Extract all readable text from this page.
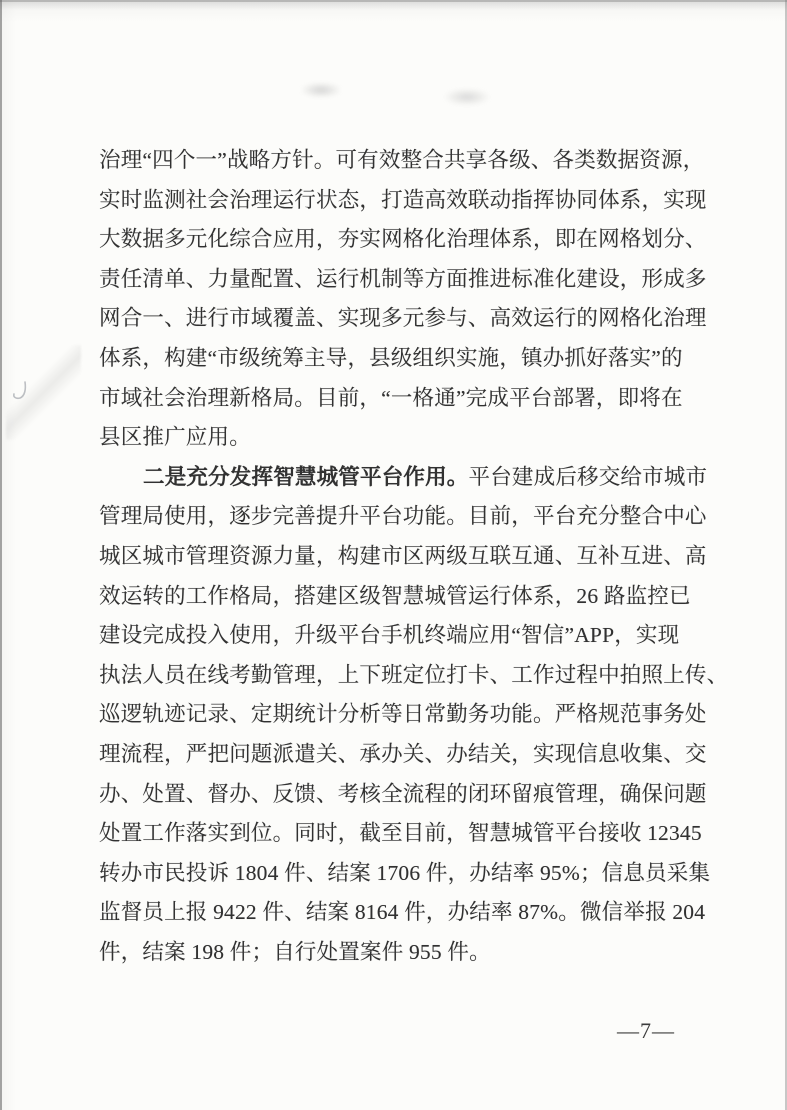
治理“四个一”战略方针。可有效整合共享各级、各类数据资源，
实时监测社会治理运行状态，打造高效联动指挥协同体系，实现
大数据多元化综合应用，夯实网格化治理体系，即在网格划分、
责任清单、力量配置、运行机制等方面推进标准化建设，形成多
网合一、进行市域覆盖、实现多元参与、高效运行的网格化治理
体系，构建“市级统筹主导，县级组织实施，镇办抓好落实”的
市域社会治理新格局。目前，“一格通”完成平台部署，即将在
县区推广应用。
二是充分发挥智慧城管平台作用。平台建成后移交给市城市
管理局使用，逐步完善提升平台功能。目前，平台充分整合中心
城区城市管理资源力量，构建市区两级互联互通、互补互进、高
效运转的工作格局，搭建区级智慧城管运行体系，26 路监控已
建设完成投入使用，升级平台手机终端应用“智信”APP，实现
执法人员在线考勤管理，上下班定位打卡、工作过程中拍照上传、
巡逻轨迹记录、定期统计分析等日常勤务功能。严格规范事务处
理流程，严把问题派遣关、承办关、办结关，实现信息收集、交
办、处置、督办、反馈、考核全流程的闭环留痕管理，确保问题
处置工作落实到位。同时，截至目前，智慧城管平台接收 12345
转办市民投诉 1804 件、结案 1706 件，办结率 95%；信息员采集
监督员上报 9422 件、结案 8164 件，办结率 87%。微信举报 204
件，结案 198 件；自行处置案件 955 件。
—7—
